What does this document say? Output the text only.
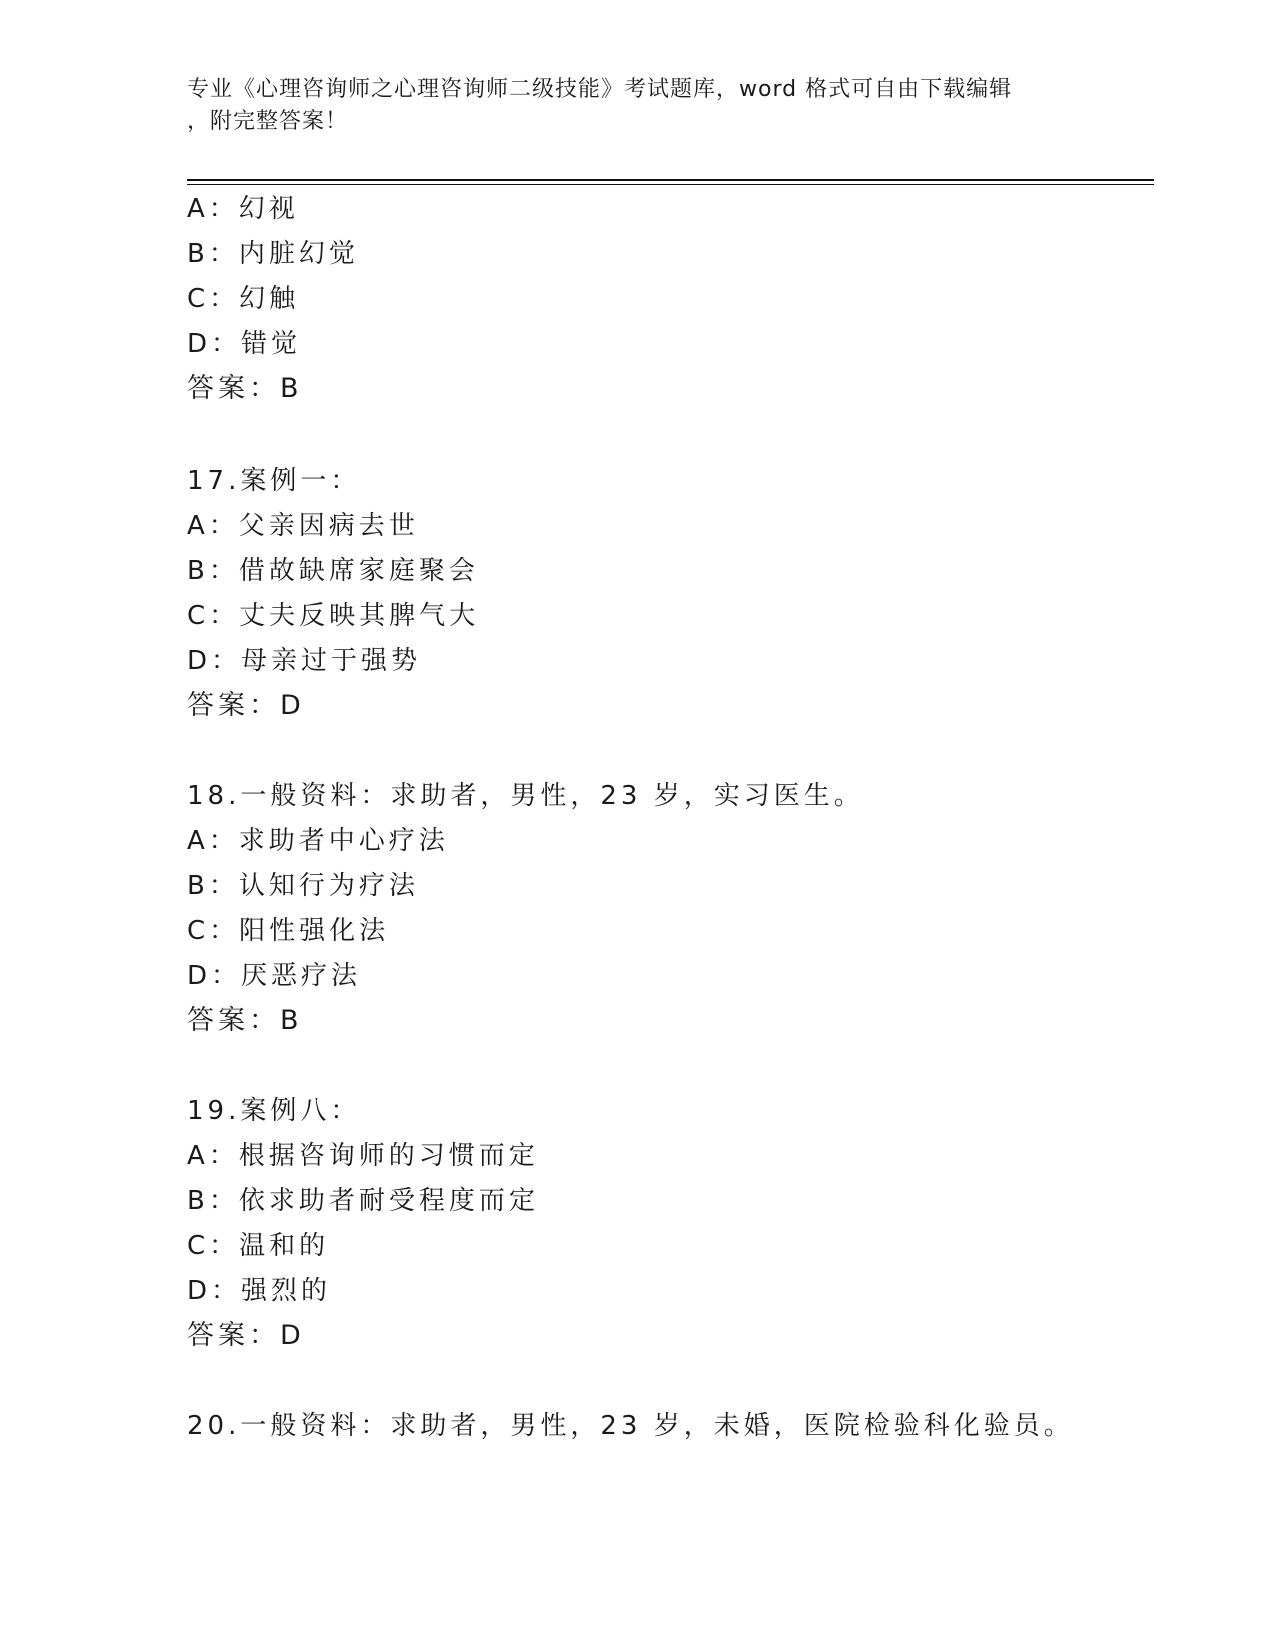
专业《心理咨询师之心理咨询师二级技能》考试题库，word 格式可自由下载编辑
，附完整答案！
A：幻视
B：内脏幻觉
C：幻触
D：错觉
答案：B
17.案例一：
A：父亲因病去世
B：借故缺席家庭聚会
C：丈夫反映其脾气大
D：母亲过于强势
答案：D
18.一般资料：求助者，男性，23 岁，实习医生。
A：求助者中心疗法
B：认知行为疗法
C：阳性强化法
D：厌恶疗法
答案：B
19.案例八：
A：根据咨询师的习惯而定
B：依求助者耐受程度而定
C：温和的
D：强烈的
答案：D
20.一般资料：求助者，男性，23 岁，未婚，医院检验科化验员。
